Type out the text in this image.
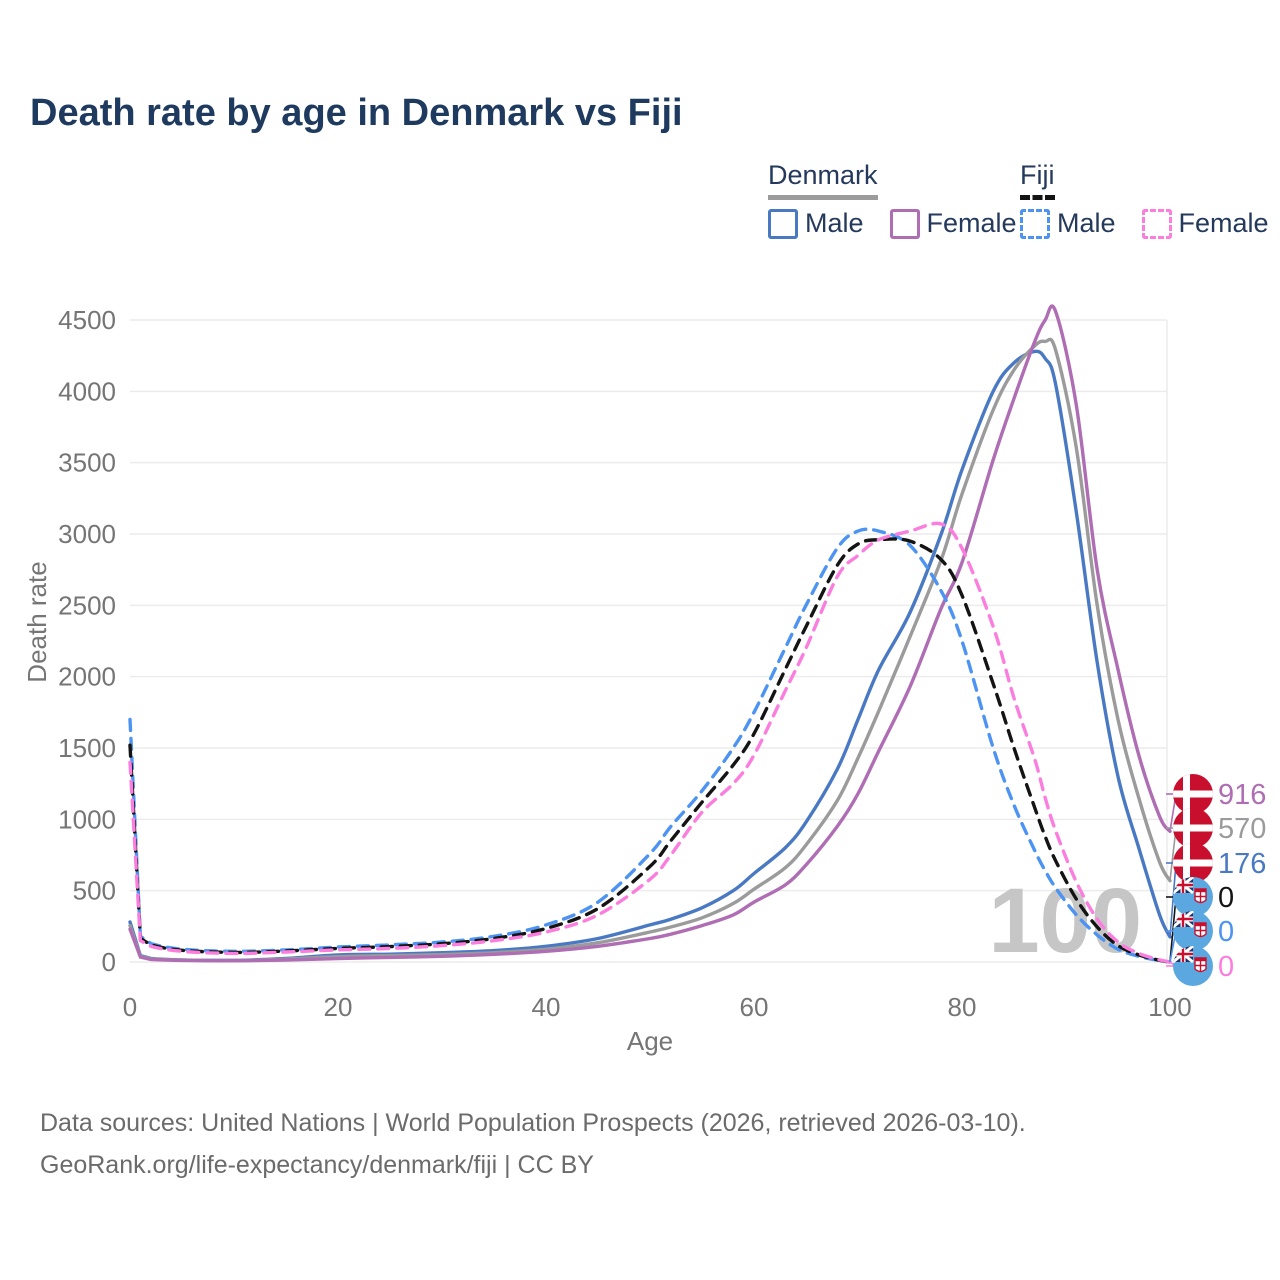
0
500
1000
1500
2000
2500
3000
3500
4000
4500
0	20	40	60	80	100
Age
Death rate
100
916
570
176
0
0
0
Death rate by age in Denmark vs Fiji
Denmark
Male Female
Fiji
Male Female
Data sources: United Nations | World Population Prospects (2026, retrieved 2026-03-10).
GeoRank.org/life-expectancy/denmark/fiji | CC BY
